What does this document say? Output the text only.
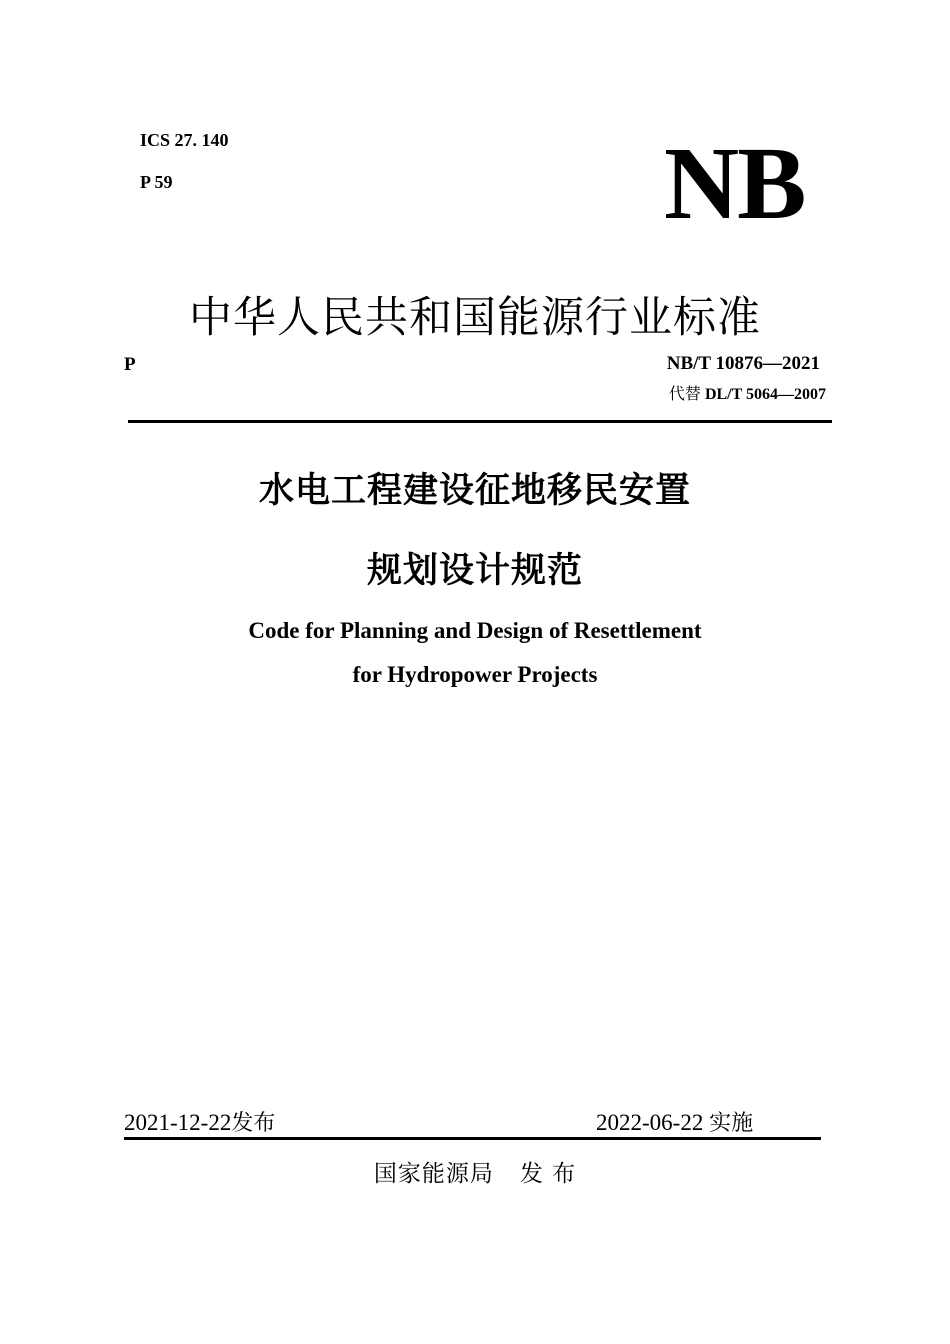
ICS 27. 140
P 59	NB
中华人民共和国能源行业标准
P	NB/T 10876—2021
代替 DL/T 5064—2007
水电工程建设征地移民安置
规划设计规范
Code for Planning and Design of Resettlement
for Hydropower Projects
2021-12-22发布	2022-06-22 实施
国家能源局 发 布
